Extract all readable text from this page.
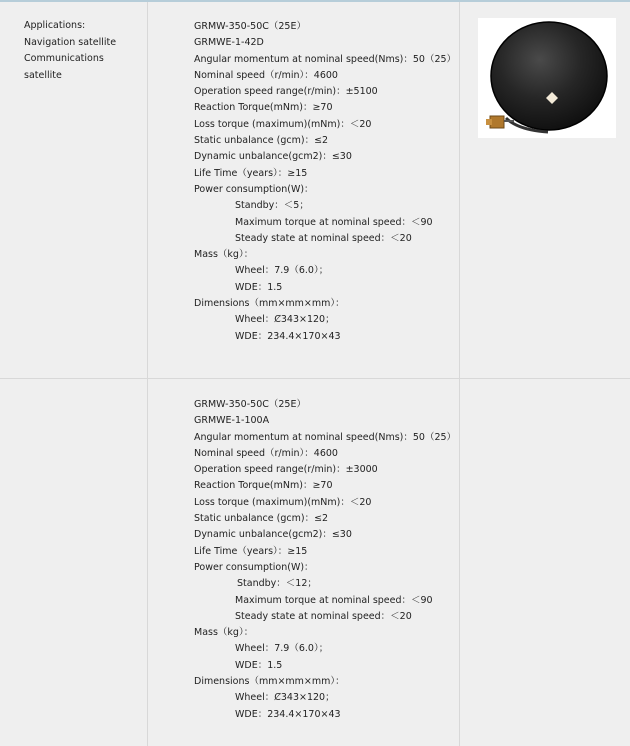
Applications:
Navigation satellite
Communications
satellite
GRMW-350-50C（25E）
GRMWE-1-42D
Angular momentum at nominal speed(Nms)：50（25）
Nominal speed（r/min）：4600
Operation speed range(r/min)：±5100
Reaction Torque(mNm)：≥70
Loss torque (maximum)(mNm)：＜20
Static unbalance (gcm)：≤2
Dynamic unbalance(gcm2)：≤30
Life Time（years）：≥15
Power consumption(W)：
Standby：＜5；
Maximum torque at nominal speed：＜90
Steady state at nominal speed：＜20
Mass（kg）：
Wheel：7.9（6.0）；
WDE：1.5
Dimensions（mm×mm×mm）：
Wheel：Ȼ343×120；
WDE：234.4×170×43
GRMW-350-50C（25E）
GRMWE-1-100A
Angular momentum at nominal speed(Nms)：50（25）
Nominal speed（r/min）：4600
Operation speed range(r/min)：±3000
Reaction Torque(mNm)：≥70
Loss torque (maximum)(mNm)：＜20
Static unbalance (gcm)：≤2
Dynamic unbalance(gcm2)：≤30
Life Time（years）：≥15
Power consumption(W)：
Standby：＜12；
Maximum torque at nominal speed：＜90
Steady state at nominal speed：＜20
Mass（kg）：
Wheel：7.9（6.0）；
WDE：1.5
Dimensions（mm×mm×mm）：
Wheel：Ȼ343×120；
WDE：234.4×170×43
